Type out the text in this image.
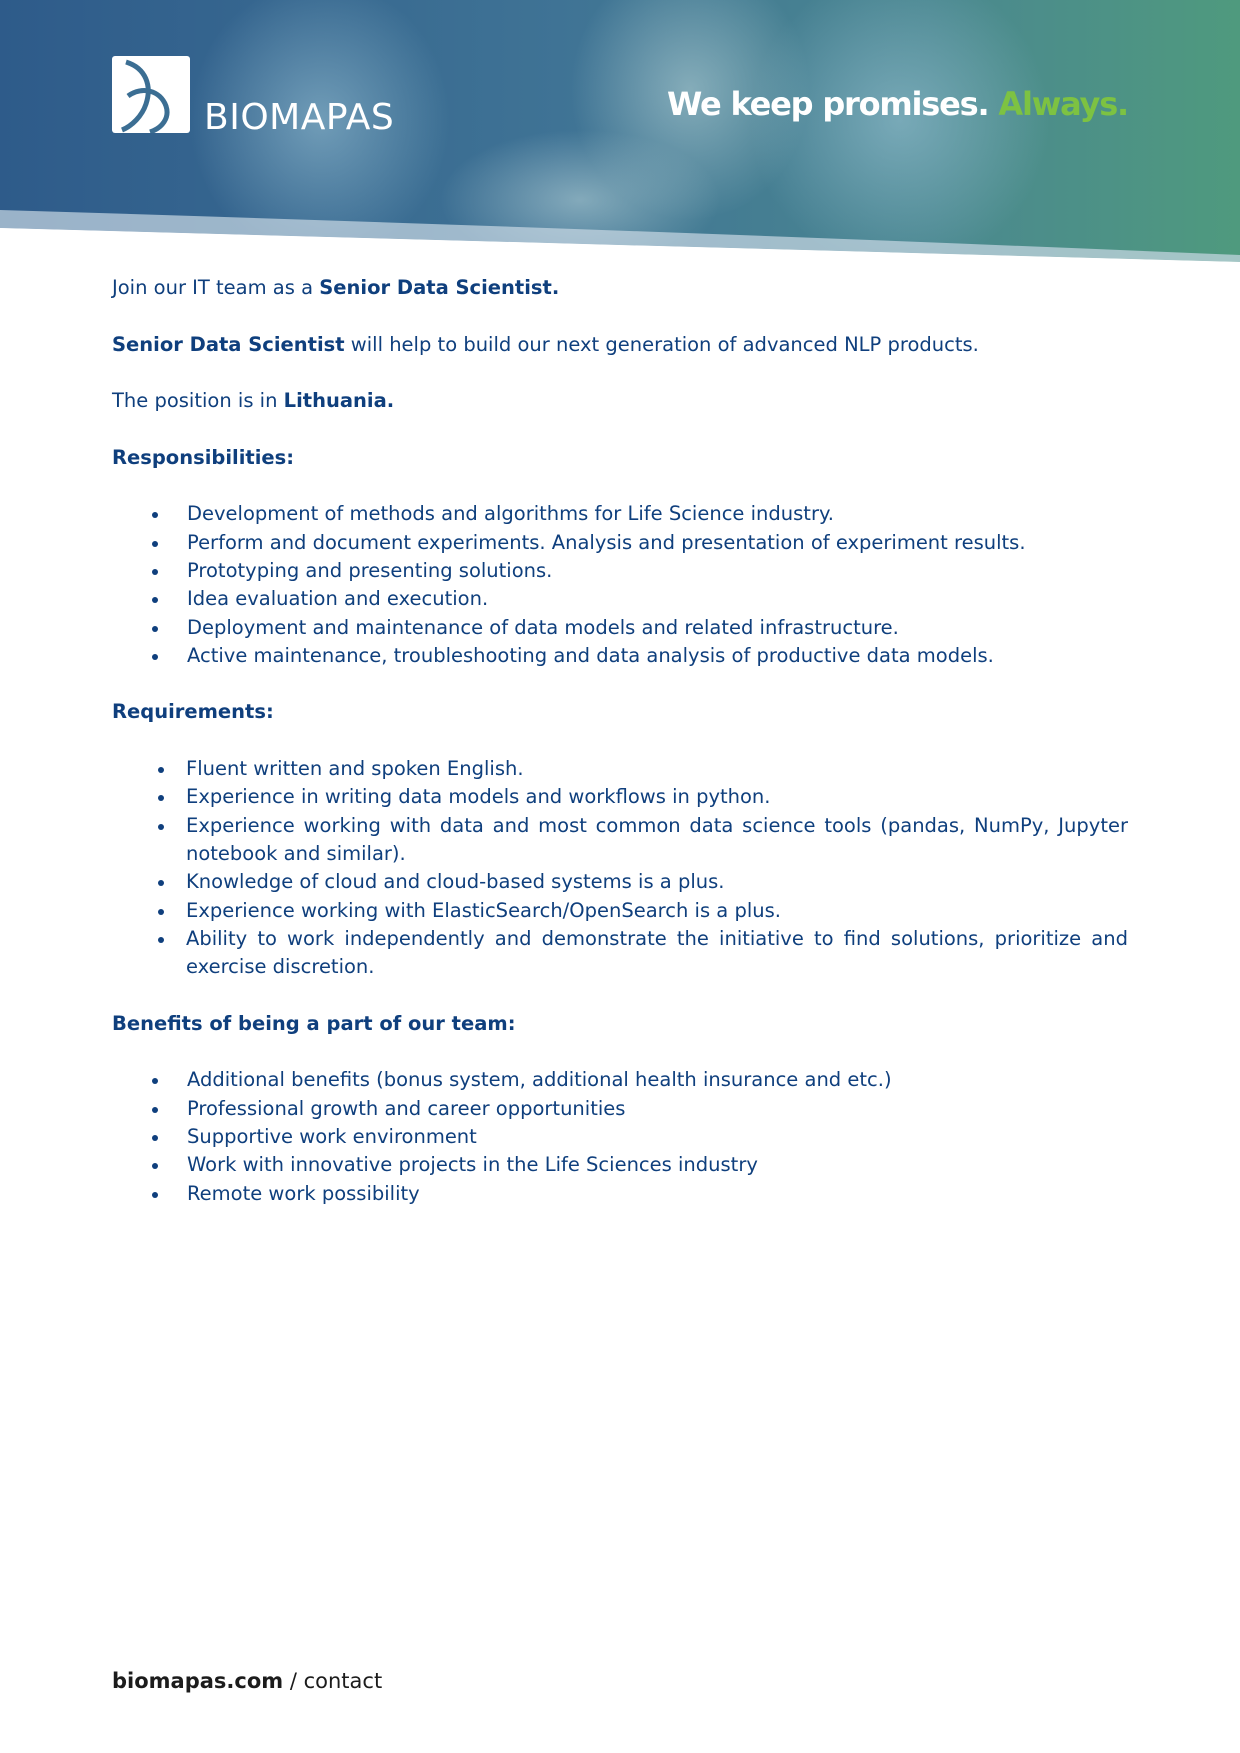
BIOMAPAS	We keep promises. Always.

Join our IT team as a Senior Data Scientist.

Senior Data Scientist will help to build our next generation of advanced NLP products.

The position is in Lithuania.

Responsibilities:
Development of methods and algorithms for Life Science industry.
Perform and document experiments. Analysis and presentation of experiment results.
Prototyping and presenting solutions.
Idea evaluation and execution.
Deployment and maintenance of data models and related infrastructure.
Active maintenance, troubleshooting and data analysis of productive data models.
Requirements:
Fluent written and spoken English.
Experience in writing data models and workflows in python.
Experience working with data and most common data science tools (pandas, NumPy, Jupyter notebook and similar).
Knowledge of cloud and cloud-based systems is a plus.
Experience working with ElasticSearch/OpenSearch is a plus.
Ability to work independently and demonstrate the initiative to find solutions, prioritize and exercise discretion.
Benefits of being a part of our team:
Additional benefits (bonus system, additional health insurance and etc.)
Professional growth and career opportunities
Supportive work environment
Work with innovative projects in the Life Sciences industry
Remote work possibility
biomapas.com / contact
